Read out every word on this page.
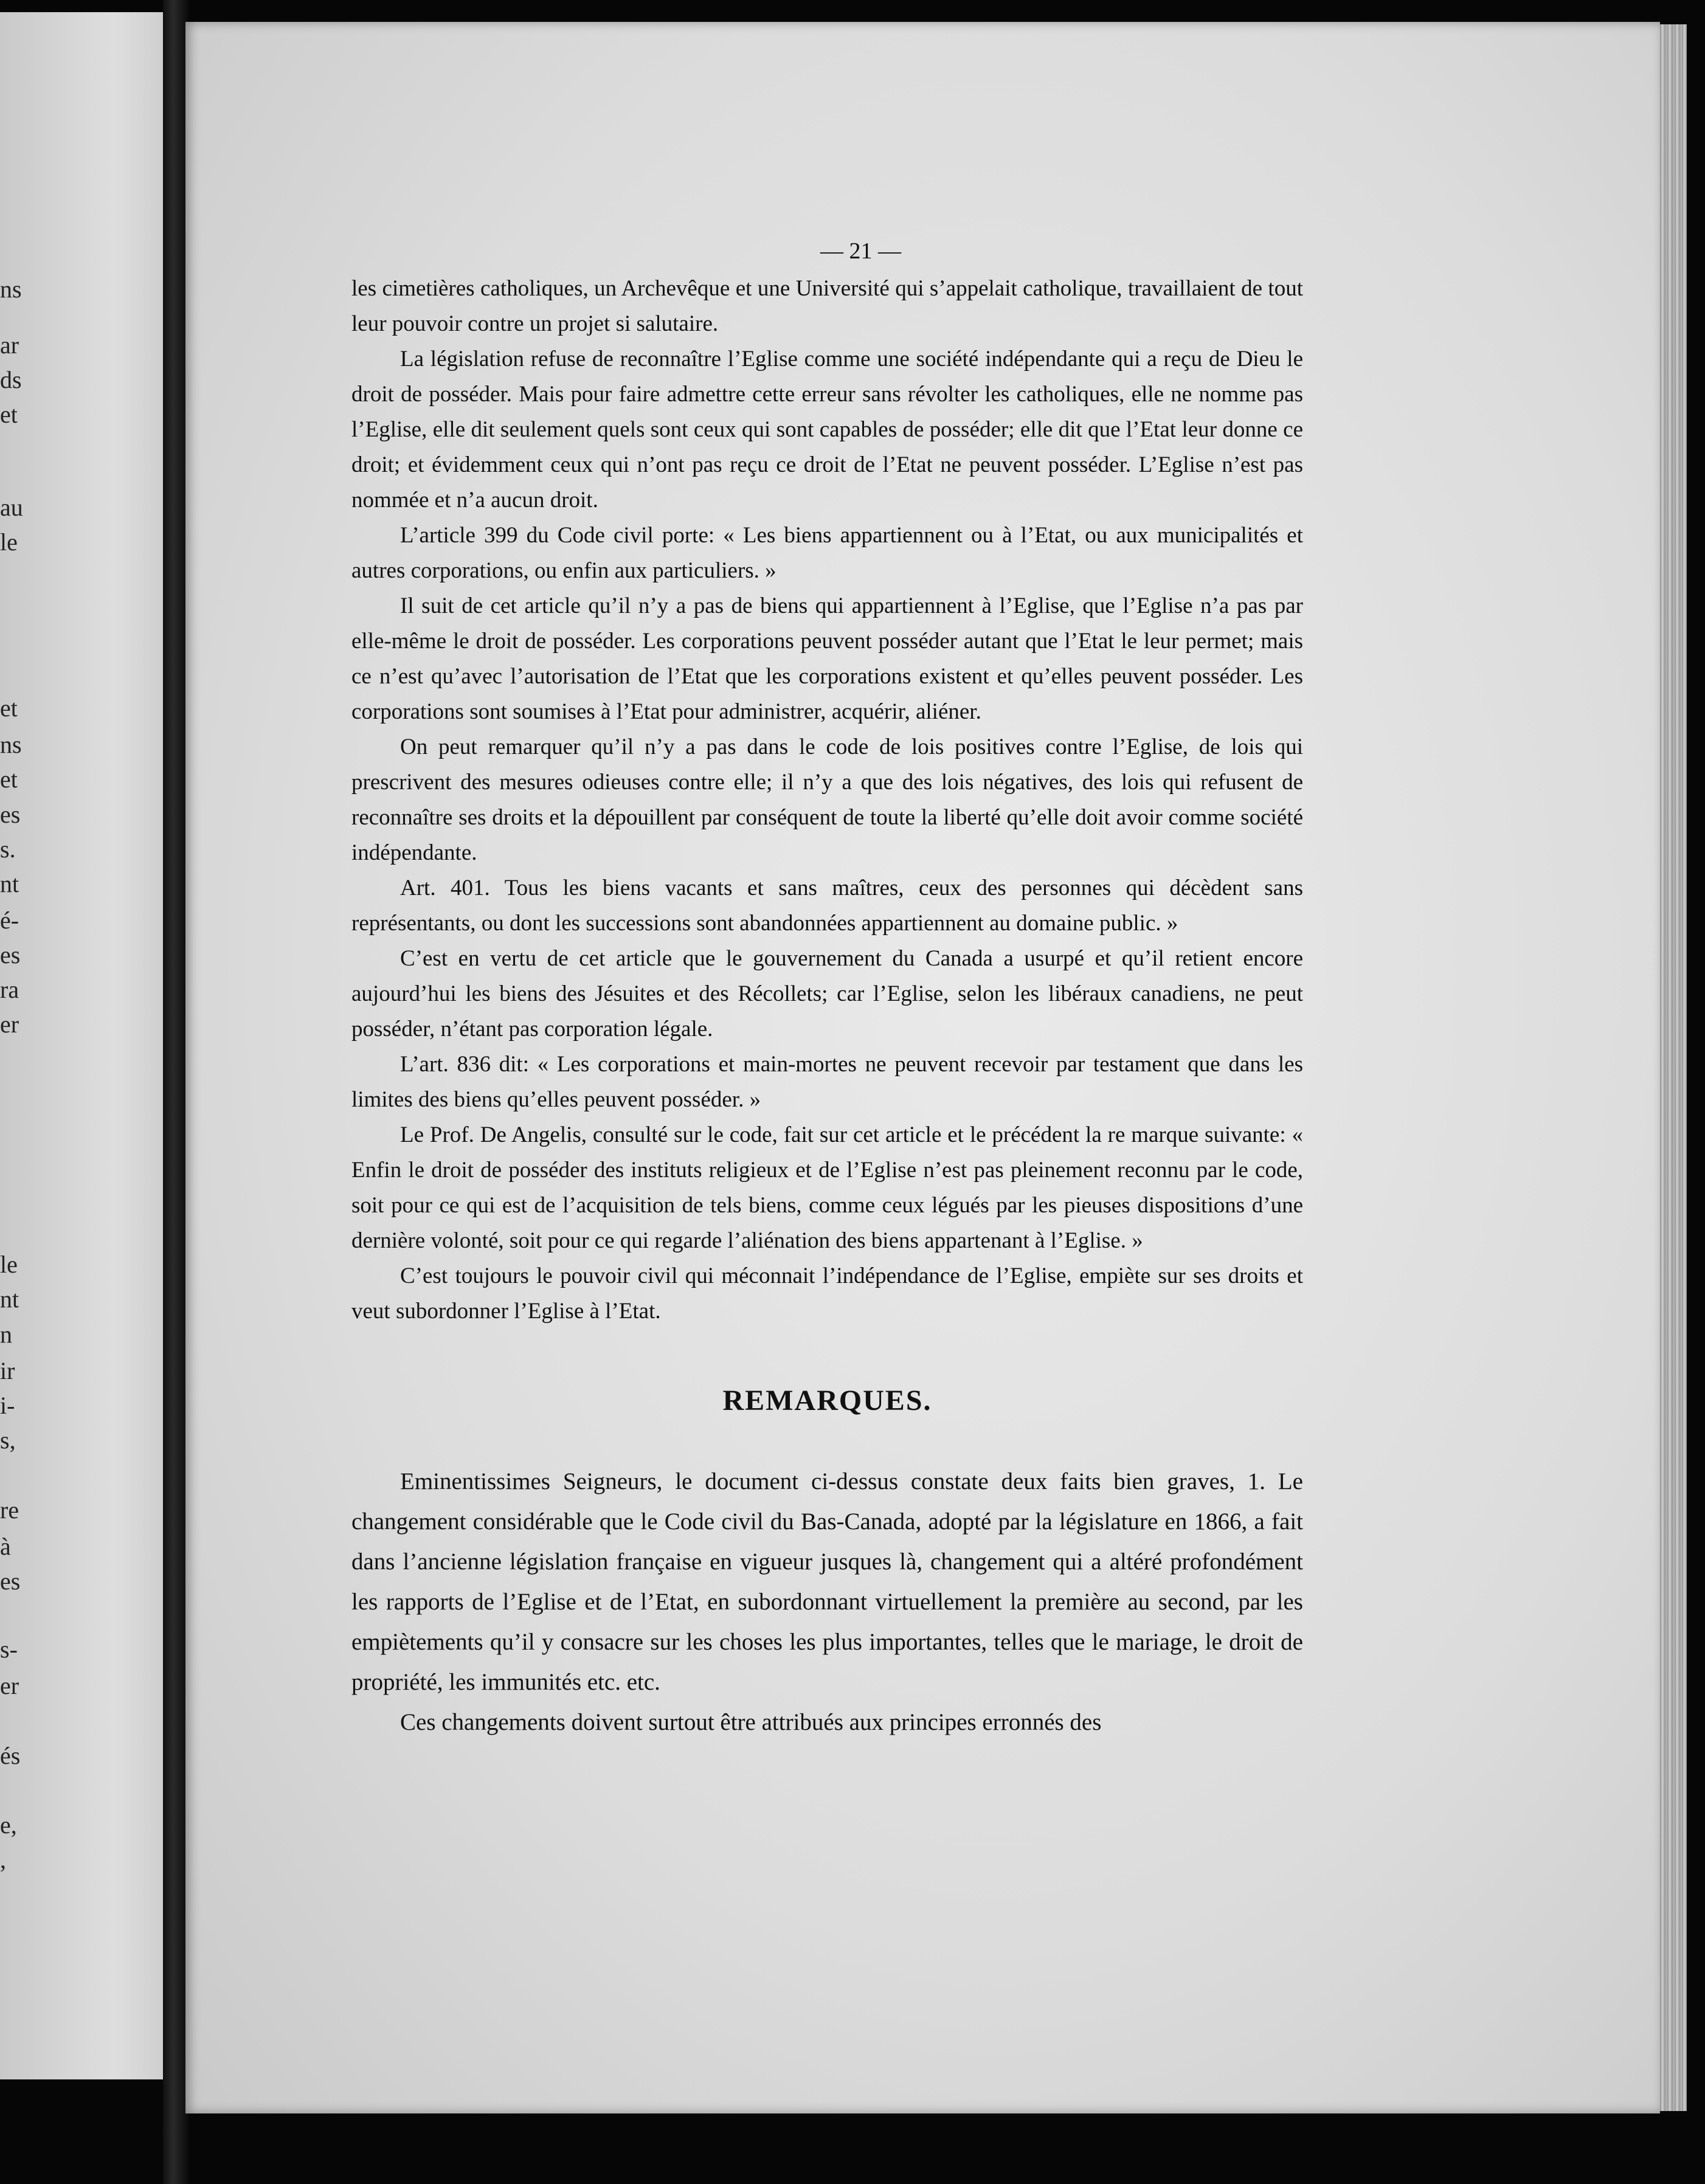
ns
ar
ds
et
au
le
et
ns
et
es
s.
nt
é-
es
ra
er
le
nt
n
ir
i-
s,
re
à
es
s-
er
és
e,
,
— 21 —

les cimetières catholiques, un Archevêque et une Université qui s’appelait catholique, travaillaient de tout leur pouvoir contre un projet si salutaire.

La législation refuse de reconnaître l’Eglise comme une société indépendante qui a reçu de Dieu le droit de posséder. Mais pour faire admettre cette erreur sans révolter les catholiques, elle ne nomme pas l’Eglise, elle dit seulement quels sont ceux qui sont capables de posséder; elle dit que l’Etat leur donne ce droit; et évidemment ceux qui n’ont pas reçu ce droit de l’Etat ne peuvent posséder. L’Eglise n’est pas nommée et n’a aucun droit.

L’article 399 du Code civil porte: « Les biens appartiennent ou à l’Etat, ou aux municipalités et autres corporations, ou enfin aux particuliers. »

Il suit de cet article qu’il n’y a pas de biens qui appartiennent à l’Eglise, que l’Eglise n’a pas par elle-même le droit de posséder. Les corporations peuvent posséder autant que l’Etat le leur permet; mais ce n’est qu’avec l’autorisation de l’Etat que les corporations existent et qu’elles peuvent posséder. Les corporations sont soumises à l’Etat pour administrer, acquérir, aliéner.

On peut remarquer qu’il n’y a pas dans le code de lois positives contre l’Eglise, de lois qui prescrivent des mesures odieuses contre elle; il n’y a que des lois négatives, des lois qui refusent de reconnaître ses droits et la dépouillent par conséquent de toute la liberté qu’elle doit avoir comme société indépendante.

Art. 401. Tous les biens vacants et sans maîtres, ceux des personnes qui décèdent sans représentants, ou dont les successions sont abandonnées appartiennent au domaine public. »

C’est en vertu de cet article que le gouvernement du Canada a usurpé et qu’il retient encore aujourd’hui les biens des Jésuites et des Récollets; car l’Eglise, selon les libéraux canadiens, ne peut posséder, n’étant pas corporation légale.

L’art. 836 dit: « Les corporations et main-mortes ne peuvent recevoir par testament que dans les limites des biens qu’elles peuvent posséder. »

Le Prof. De Angelis, consulté sur le code, fait sur cet article et le précédent la re marque suivante: « Enfin le droit de posséder des instituts religieux et de l’Eglise n’est pas pleinement reconnu par le code, soit pour ce qui est de l’acquisition de tels biens, comme ceux légués par les pieuses dispositions d’une dernière volonté, soit pour ce qui regarde l’aliénation des biens appartenant à l’Eglise. »

C’est toujours le pouvoir civil qui méconnait l’indépendance de l’Eglise, empiète sur ses droits et veut subordonner l’Eglise à l’Etat.

REMARQUES.

Eminentissimes Seigneurs, le document ci-dessus constate deux faits bien graves, 1. Le changement considérable que le Code civil du Bas-Canada, adopté par la législature en 1866, a fait dans l’ancienne législation française en vigueur jusques là, changement qui a altéré profondément les rapports de l’Eglise et de l’Etat, en subordonnant virtuellement la première au second, par les empiètements qu’il y consacre sur les choses les plus importantes, telles que le mariage, le droit de propriété, les immunités etc. etc.

Ces changements doivent surtout être attribués aux principes erronnés des
